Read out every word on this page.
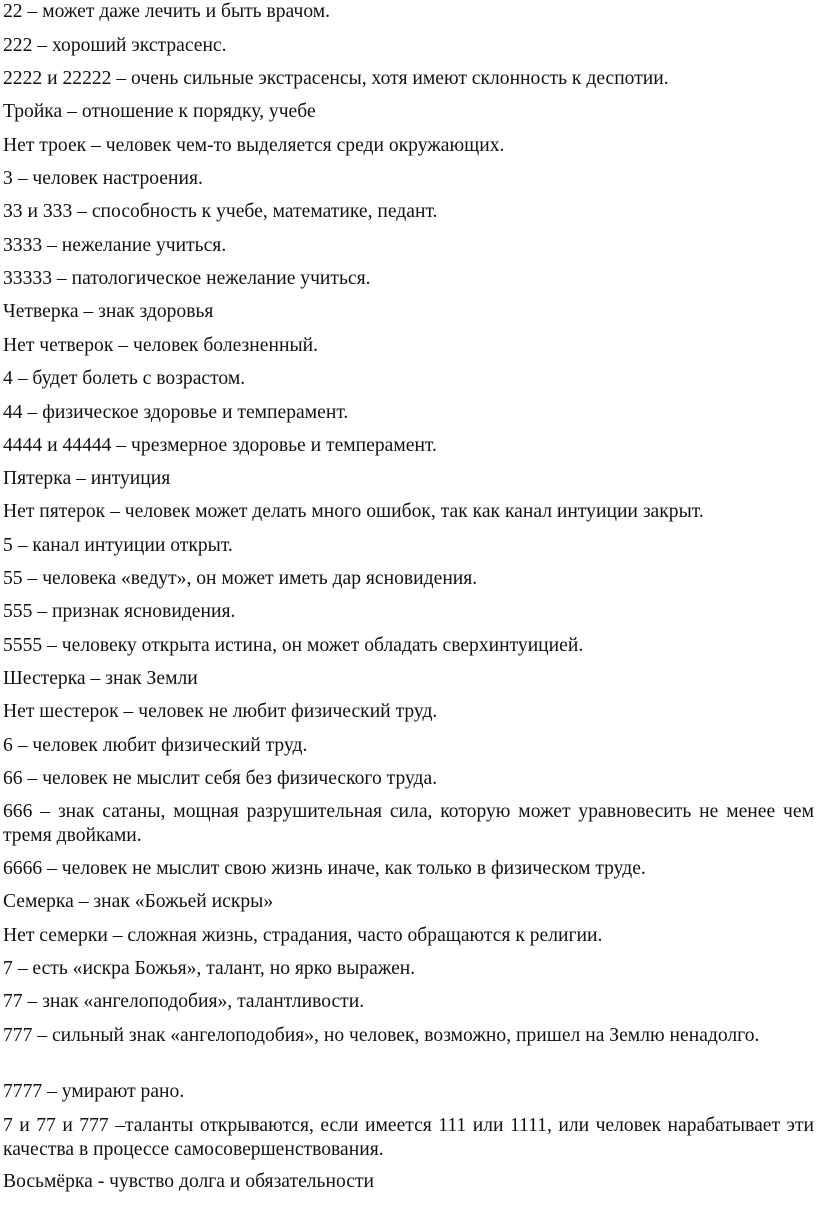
22 – может даже лечить и быть врачом.
222 – хороший экстрасенс.
2222 и 22222 – очень сильные экстрасенсы, хотя имеют склонность к деспотии.
Тройка – отношение к порядку, учебе
Нет троек – человек чем-то выделяется среди окружающих.
3 – человек настроения.
33 и 333 – способность к учебе, математике, педант.
3333 – нежелание учиться.
33333 – патологическое нежелание учиться.
Четверка – знак здоровья
Нет четверок – человек болезненный.
4 – будет болеть с возрастом.
44 – физическое здоровье и темперамент.
4444 и 44444 – чрезмерное здоровье и темперамент.
Пятерка – интуиция
Нет пятерок – человек может делать много ошибок, так как канал интуиции закрыт.
5 – канал интуиции открыт.
55 – человека «ведут», он может иметь дар ясновидения.
555 – признак ясновидения.
5555 – человеку открыта истина, он может обладать сверхинтуицией.
Шестерка – знак Земли
Нет шестерок – человек не любит физический труд.
6 – человек любит физический труд.
66 – человек не мыслит себя без физического труда.
666 – знак сатаны, мощная разрушительная сила, которую может уравновесить не менее чем тремя двойками.
6666 – человек не мыслит свою жизнь иначе, как только в физическом труде.
Семерка – знак «Божьей искры»
Нет семерки – сложная жизнь, страдания, часто обращаются к религии.
7 – есть «искра Божья», талант, но ярко выражен.
77 – знак «ангелоподобия», талантливости.
777 – сильный знак «ангелоподобия», но человек, возможно, пришел на Землю ненадолго.
7777 – умирают рано.
7 и 77 и 777 –таланты открываются, если имеется 111 или 1111, или человек нарабатывает эти качества в процессе самосовершенствования.
Восьмёрка - чувство долга и обязательности
